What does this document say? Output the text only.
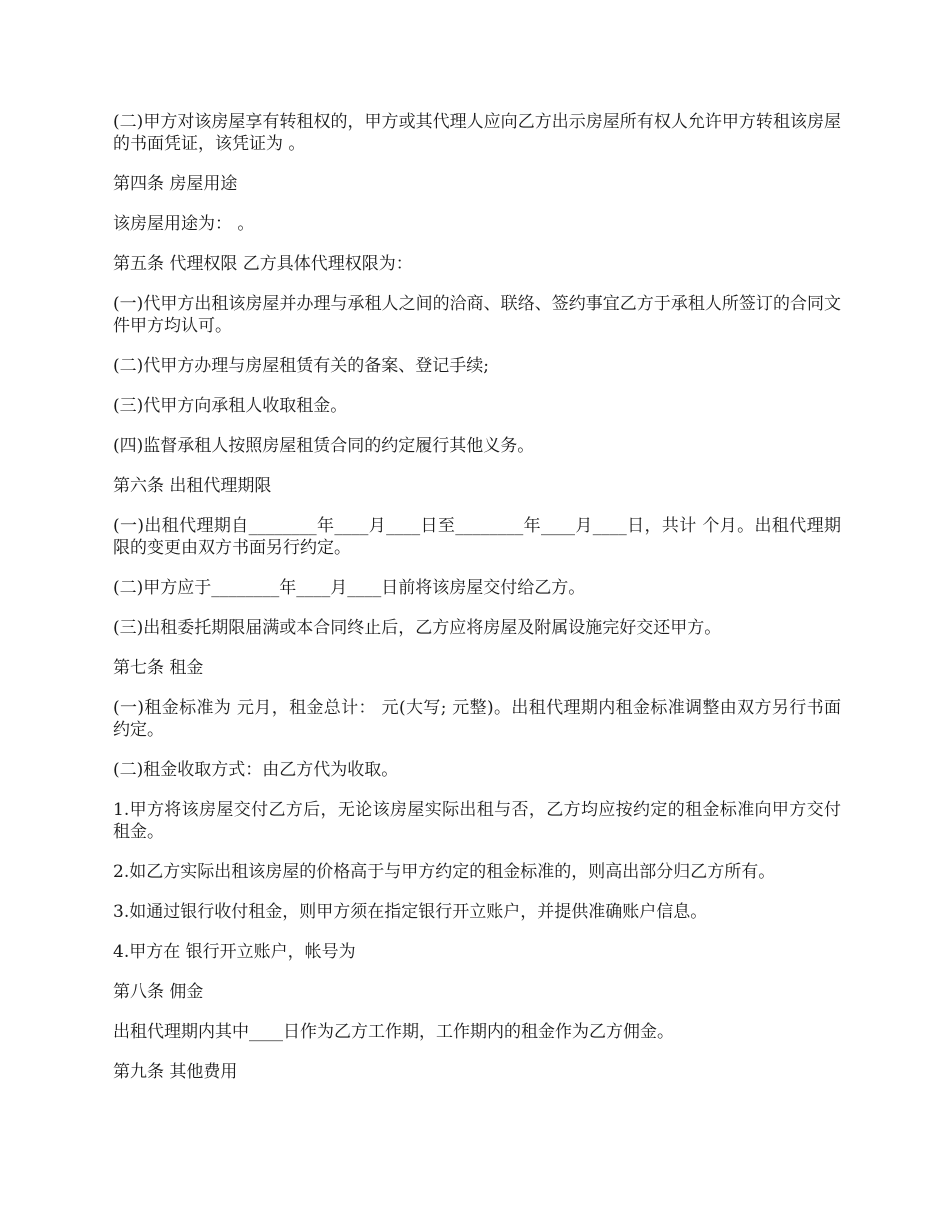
(二)甲方对该房屋享有转租权的，甲方或其代理人应向乙方出示房屋所有权人允许甲方转租该房屋的书面凭证，该凭证为 。

第四条 房屋用途

该房屋用途为： 。

第五条 代理权限 乙方具体代理权限为：

(一)代甲方出租该房屋并办理与承租人之间的洽商、联络、签约事宜乙方于承租人所签订的合同文件甲方均认可。

(二)代甲方办理与房屋租赁有关的备案、登记手续;

(三)代甲方向承租人收取租金。

(四)监督承租人按照房屋租赁合同的约定履行其他义务。

第六条 出租代理期限

(一)出租代理期自________年____月____日至________年____月____日，共计 个月。出租代理期限的变更由双方书面另行约定。

(二)甲方应于________年____月____日前将该房屋交付给乙方。

(三)出租委托期限届满或本合同终止后，乙方应将房屋及附属设施完好交还甲方。

第七条 租金

(一)租金标准为 元月，租金总计： 元(大写; 元整)。出租代理期内租金标准调整由双方另行书面约定。

(二)租金收取方式：由乙方代为收取。

1.甲方将该房屋交付乙方后，无论该房屋实际出租与否，乙方均应按约定的租金标准向甲方交付租金。

2.如乙方实际出租该房屋的价格高于与甲方约定的租金标准的，则高出部分归乙方所有。

3.如通过银行收付租金，则甲方须在指定银行开立账户，并提供准确账户信息。

4.甲方在 银行开立账户，帐号为

第八条 佣金

出租代理期内其中____日作为乙方工作期，工作期内的租金作为乙方佣金。

第九条 其他费用
